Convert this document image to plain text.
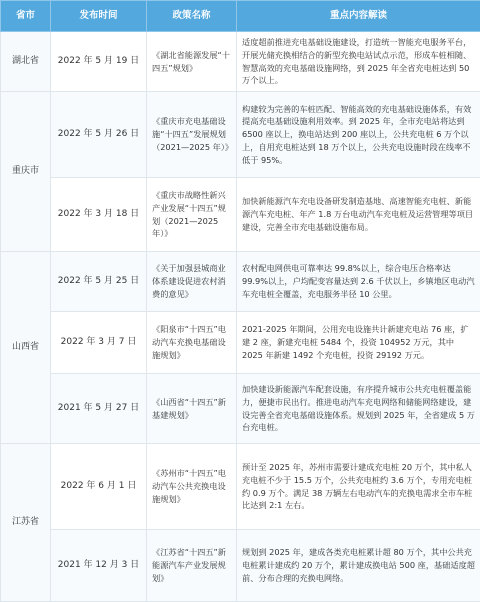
省市	发布时间	政策名称	重点内容解读
湖北省	2022 年 5 月 19 日	《湖北省能源发展“十四五”规划》	适度超前推进充电基础设施建设，打造统一智能充电服务平台，开展光储充换相结合的新型充换电站试点示范，形成车桩相随、智慧高效的充电基础设施网络，到 2025 年全省充电桩达到 50 万个以上。
重庆市	2022 年 5 月 26 日	《重庆市充电基础设施“十四五”发展规划（2021—2025 年）》	构建较为完善的车桩匹配、智能高效的充电基础设施体系，有效提高充电基础设施利用效率。到 2025 年，全市充电站将达到 6500 座以上，换电站达到 200 座以上，公共充电桩 6 万个以上，自用充电桩达到 18 万个以上，公共充电设施时段在线率不低于 95%。
	2022 年 3 月 18 日	《重庆市战略性新兴产业发展“十四五”规划（2021—2025 年）》	加快新能源汽车充电设备研发制造基地、高速智能充电桩、新能源汽车充电桩、年产 1.8 万台电动汽车充电桩及运营管理等项目建设，完善全市充电基础设施布局。
山西省	2022 年 5 月 25 日	《关于加强县城商业体系建设促进农村消费的意见》	农村配电网供电可靠率达 99.8%以上，综合电压合格率达 99.9%以上，户均配变容量达到 2.6 千伏以上，乡镇地区电动汽车充电桩全覆盖，充电服务半径 10 公里。
	2022 年 3 月 7 日	《阳泉市“十四五”电动汽车充换电基础设施规划》	2021-2025 年期间，公用充电设施共计新建充电站 76 座，扩建 2 座，新建充电桩 5484 个，投资 104952 万元，其中 2025 年新建 1492 个充电桩，投资 29192 万元。
	2021 年 5 月 27 日	《山西省“十四五”新基建规划》	加快建设新能源汽车配套设施，有序提升城市公共充电桩覆盖能力，便捷市民出行。推进电动汽车充电网络和储能网络建设，建设完善全省充电基础设施体系。规划到 2025 年，全省建成 5 万台充电桩。
江苏省	2022 年 6 月 1 日	《苏州市“十四五”电动汽车公共充换电设施规划》	预计至 2025 年，苏州市需要计建成充电桩 20 万个，其中私人充电桩不少于 15.5 万个，公共充电桩约 3.6 万个，专用充电桩约 0.9 万个。满足 38 万辆左右电动汽车的充换电需求全市车桩比达到 2:1 左右。
	2021 年 12 月 3 日	《江苏省“十四五”新能源汽车产业发展规划》	规划到 2025 年，建成各类充电桩累计超 80 万个，其中公共充电桩累计建成约 20 万个，累计建成换电站 500 座，基础适度超前、分布合理的充换电网络。
